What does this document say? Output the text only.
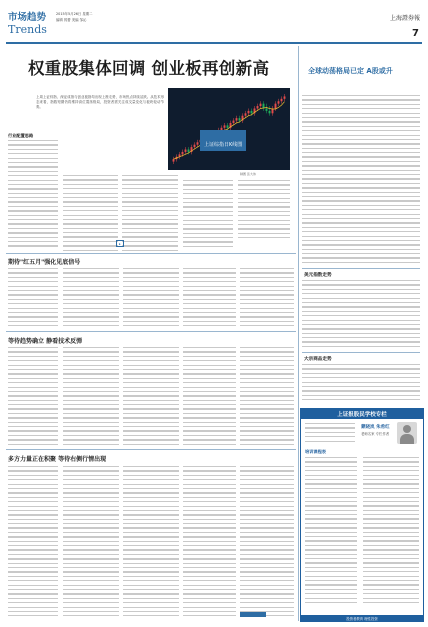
市场趋势
Trends
2015年5月26日 星期二
编辑 郭蕾 美编 邹沁	上海證券報
7
权重股集体回调 创业板再创新高
上周上证综指、深证成指与创业板指均出现上涨走势，市场热点持续活跃。从技术形态来看，指数短期仍将维持高位震荡格局，投资者需关注成交量变化与板块轮动节奏。
上证综指日K线图
制图 张大伟
行业配置思路
▸
期待"红五月"强化见底信号
等待趋势确立 静看技术反弹
多方力量正在积聚 等待右侧行情出现
全球动荡格局已定 A股或升
美元指数走势
大宗商品走势
上证报股民学校专栏
蒙晓岚 朱希红
老师名家 专栏作者
培训课程表
投资者教育 理性投资
